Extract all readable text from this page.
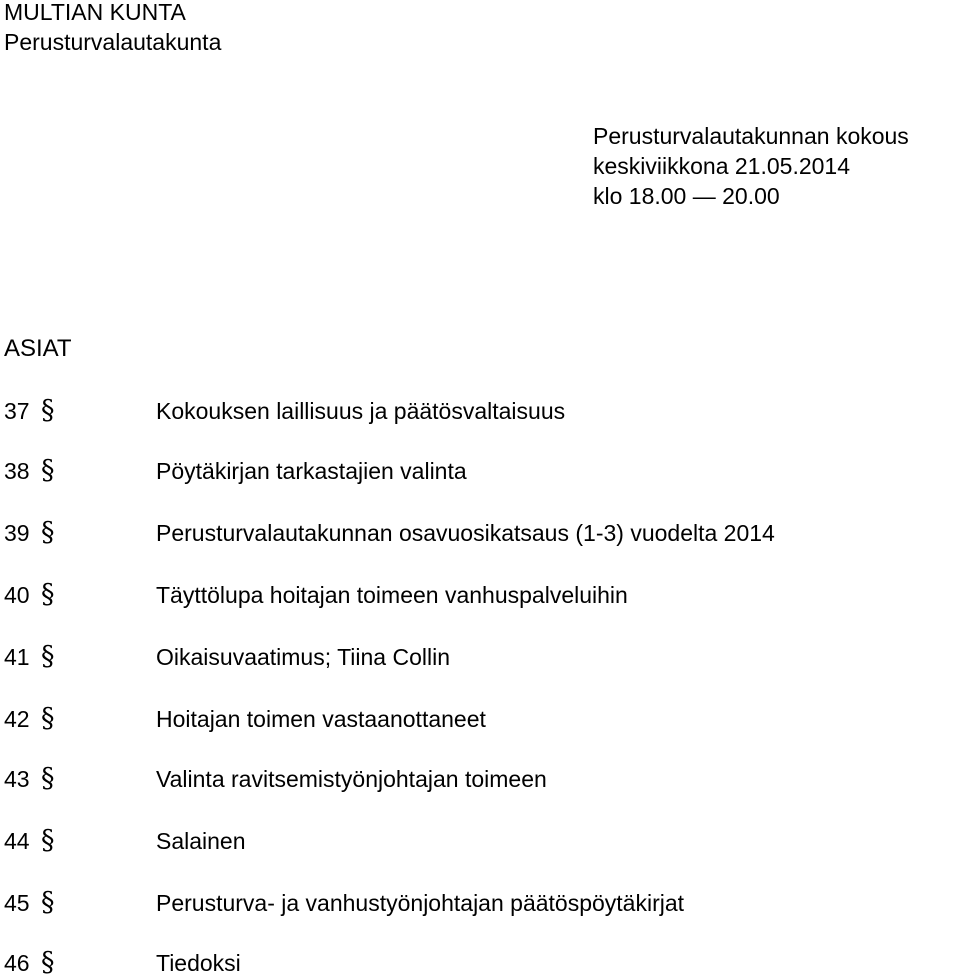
MULTIAN KUNTA
Perusturvalautakunta
Perusturvalautakunnan kokous
keskiviikkona 21.05.2014
klo 18.00 — 20.00
ASIAT
37 §	Kokouksen laillisuus ja päätösvaltaisuus
38 §	Pöytäkirjan tarkastajien valinta
39 §	Perusturvalautakunnan osavuosikatsaus (1-3) vuodelta 2014
40 §	Täyttölupa hoitajan toimeen vanhuspalveluihin
41 §	Oikaisuvaatimus; Tiina Collin
42 §	Hoitajan toimen vastaanottaneet
43 §	Valinta ravitsemistyönjohtajan toimeen
44 §	Salainen
45 §	Perusturva- ja vanhustyönjohtajan päätöspöytäkirjat
46 §	Tiedoksi
